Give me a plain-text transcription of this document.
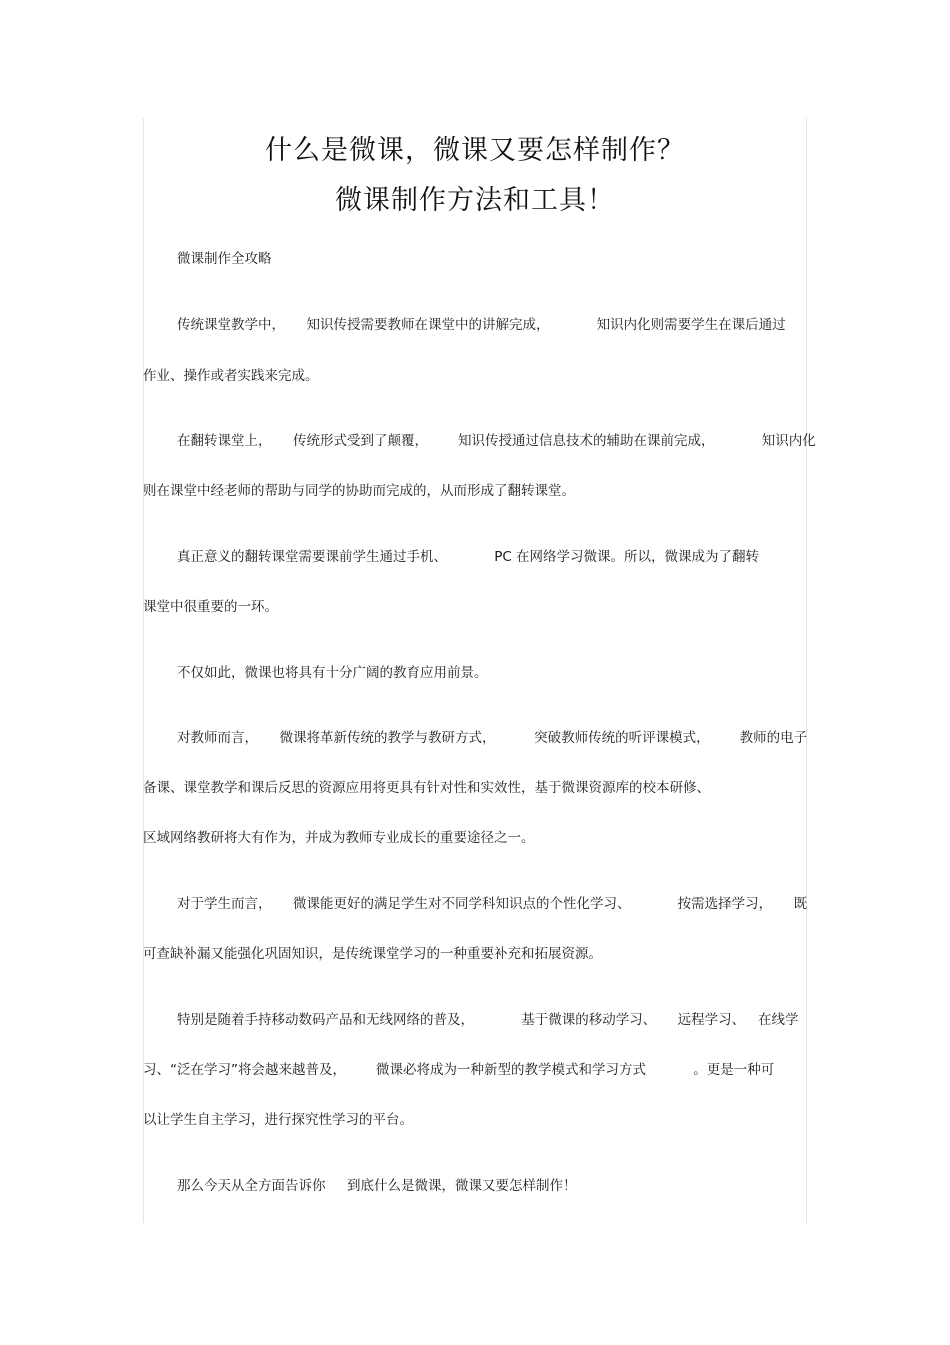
什么是微课，微课又要怎样制作？
微课制作方法和工具！
微课制作全攻略
传统课堂教学中，     知识传授需要教师在课堂中的讲解完成，           知识内化则需要学生在课后通过
作业、操作或者实践来完成。
在翻转课堂上，     传统形式受到了颠覆，       知识传授通过信息技术的辅助在课前完成，           知识内化
则在课堂中经老师的帮助与同学的协助而完成的，从而形成了翻转课堂。
真正意义的翻转课堂需要课前学生通过手机、           PC 在网络学习微课。所以，微课成为了翻转
课堂中很重要的一环。
不仅如此，微课也将具有十分广阔的教育应用前景。
对教师而言，     微课将革新传统的教学与教研方式，         突破教师传统的听评课模式，       教师的电子
备课、课堂教学和课后反思的资源应用将更具有针对性和实效性，基于微课资源库的校本研修、
区域网络教研将大有作为，并成为教师专业成长的重要途径之一。
对于学生而言，     微课能更好的满足学生对不同学科知识点的个性化学习、           按需选择学习，     既
可查缺补漏又能强化巩固知识，是传统课堂学习的一种重要补充和拓展资源。
特别是随着手持移动数码产品和无线网络的普及，           基于微课的移动学习、     远程学习、   在线学
习、“泛在学习”将会越来越普及，       微课必将成为一种新型的教学模式和学习方式           。更是一种可
以让学生自主学习，进行探究性学习的平台。
那么今天从全方面告诉你     到底什么是微课，微课又要怎样制作！
